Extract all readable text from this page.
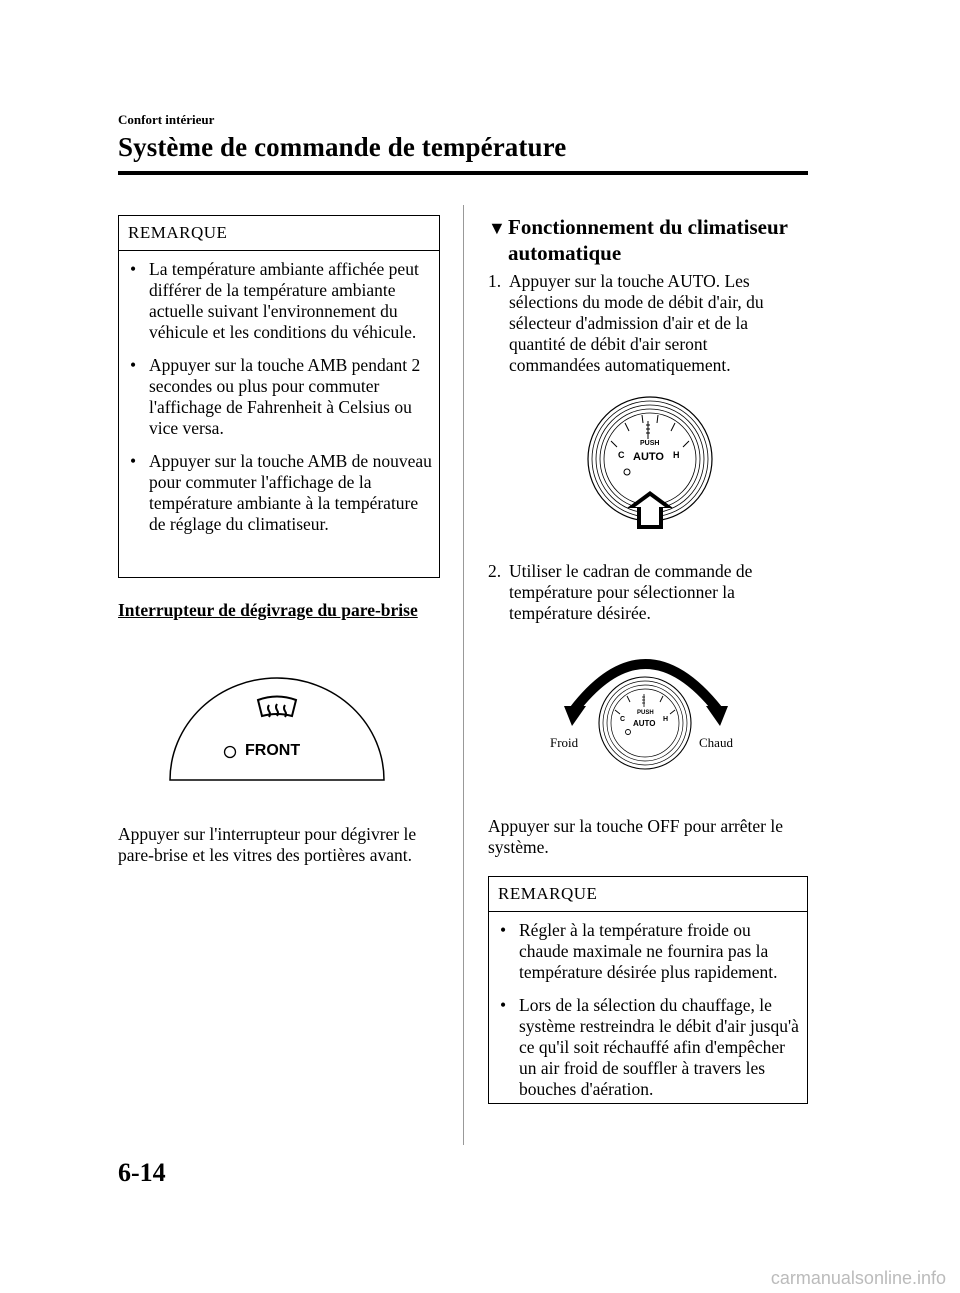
Confort intérieur
Système de commande de température
REMARQUE
• La température ambiante affichée peut différer de la température ambiante actuelle suivant l'environnement du véhicule et les conditions du véhicule.
• Appuyer sur la touche AMB pendant 2 secondes ou plus pour commuter l'affichage de Fahrenheit à Celsius ou vice versa.
• Appuyer sur la touche AMB de nouveau pour commuter l'affichage de la température ambiante à la température de réglage du climatiseur.
Interrupteur de dégivrage du pare-brise
FRONT
Appuyer sur l'interrupteur pour dégivrer le pare-brise et les vitres des portières avant.
▼ Fonctionnement du climatiseur automatique
1. Appuyer sur la touche AUTO. Les sélections du mode de débit d'air, du sélecteur d'admission d'air et de la quantité de débit d'air seront commandées automatiquement.
PUSH
AUTO
C	H
2. Utiliser le cadran de commande de température pour sélectionner la température désirée.
PUSH
AUTO
C	H
Froid	Chaud
Appuyer sur la touche OFF pour arrêter le système.
REMARQUE
• Régler à la température froide ou chaude maximale ne fournira pas la température désirée plus rapidement.
• Lors de la sélection du chauffage, le système restreindra le débit d'air jusqu'à ce qu'il soit réchauffé afin d'empêcher un air froid de souffler à travers les bouches d'aération.
6-14
carmanualsonline.info
